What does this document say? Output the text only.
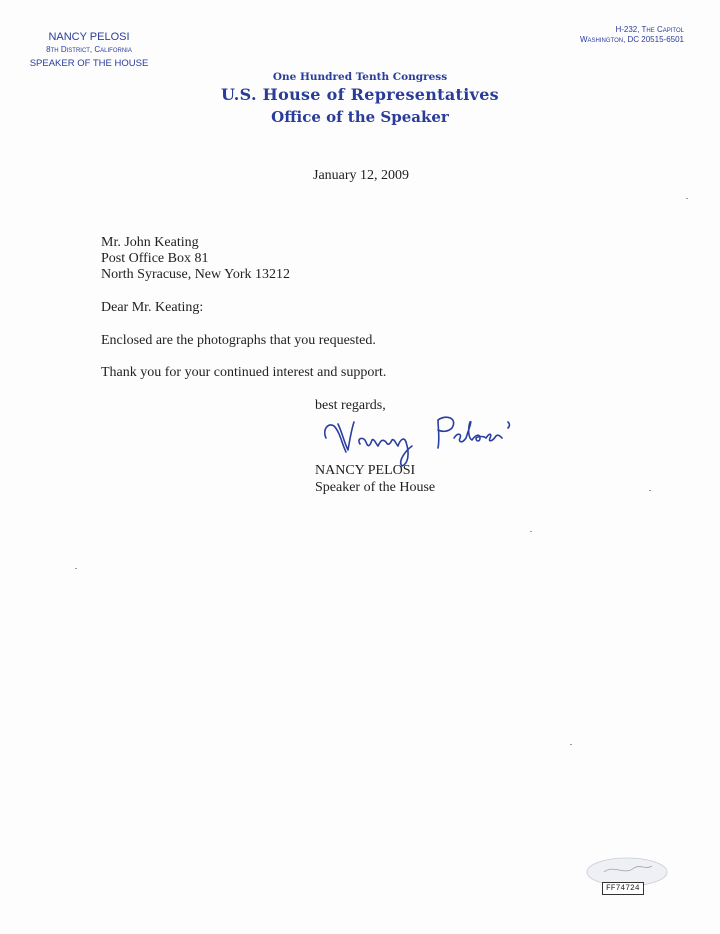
NANCY PELOSI
8th District, California
SPEAKER OF THE HOUSE
H-232, The Capitol
Washington, DC 20515-6501
One Hundred Tenth Congress
U.S. House of Representatives
Office of the Speaker
January 12, 2009
Mr. John Keating
Post Office Box 81
North Syracuse, New York 13212
Dear Mr. Keating:
Enclosed are the photographs that you requested.
Thank you for your continued interest and support.
best regards,
NANCY PELOSI
Speaker of the House
FF74724
